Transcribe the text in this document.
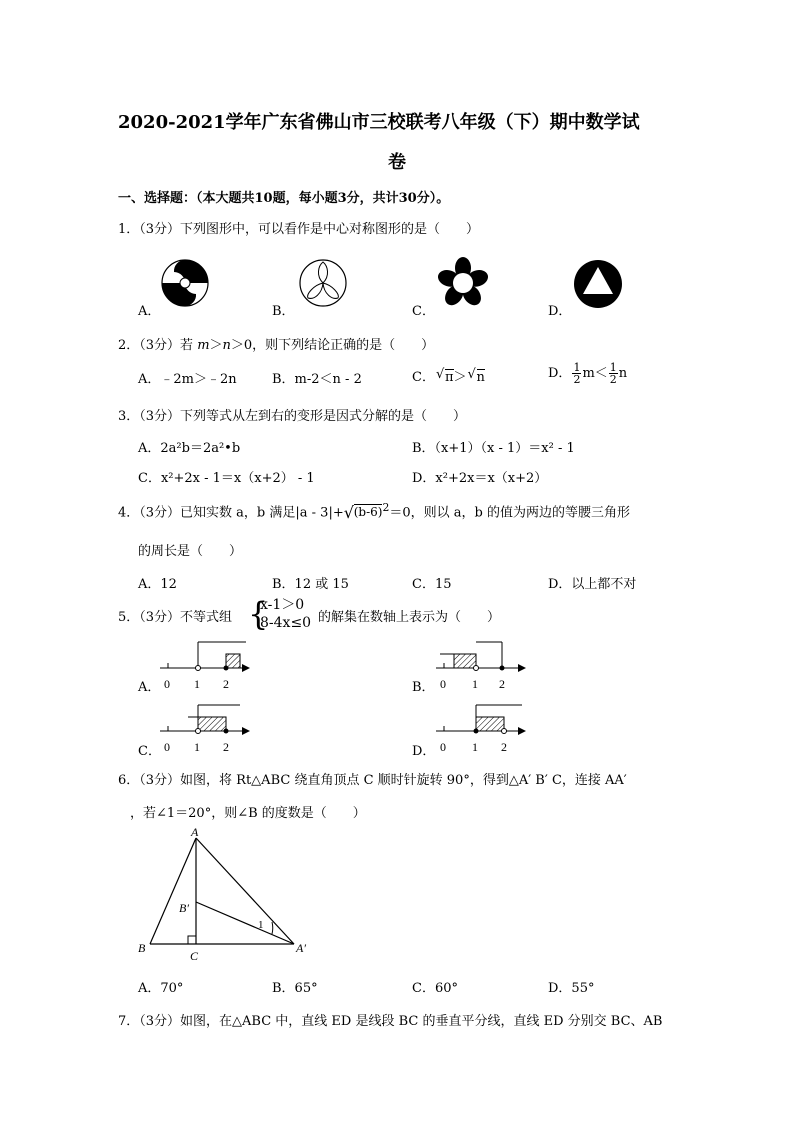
2020-2021学年广东省佛山市三校联考八年级（下）期中数学试
卷
一、选择题：（本大题共10题，每小题3分，共计30分）。
1．（3分）下列图形中，可以看作是中心对称图形的是（　　）
A．	B．	C．	D．
2．（3分）若 m＞n＞0，则下列结论正确的是（　　）
A．﹣2m＞﹣2n	B．m-2＜n - 2	C． √ π＞ √ n	D． $\frac{1}{2} m< \frac{1}{2}$ n
3．（3分）下列等式从左到右的变形是因式分解的是（　　）
A．2a²b＝2a²•b	B．（x+1）（x - 1）＝x² - 1
C．x²+2x - 1＝x（x+2） - 1	D．x²+2x＝x（x+2）
4．（3分）已知实数 a，b 满足|a - 3|+ √ $(b-6)^2=0$，则以 a，b 的值为两边的等腰三角形
的周长是（　　）
A．12	B．12 或 15	C．15	D．以上都不对
5．（3分）不等式组 {
x-1＞0
8-4x≤0 的解集在数轴上表示为（　　）
A．	B．
C．	D．
0 1 2	0 1 2
0 1 2	0 1 2
6．（3分）如图，将 Rt△ABC 绕直角顶点 C 顺时针旋转 90°，得到△A′ B′ C，连接 AA′
，若∠1＝20°，则∠B 的度数是（　　）
A
B
C
B′
A′
1
A．70°	B．65°	C．60°	D．55°
7．（3分）如图，在△ABC 中，直线 ED 是线段 BC 的垂直平分线，直线 ED 分别交 BC、AB
